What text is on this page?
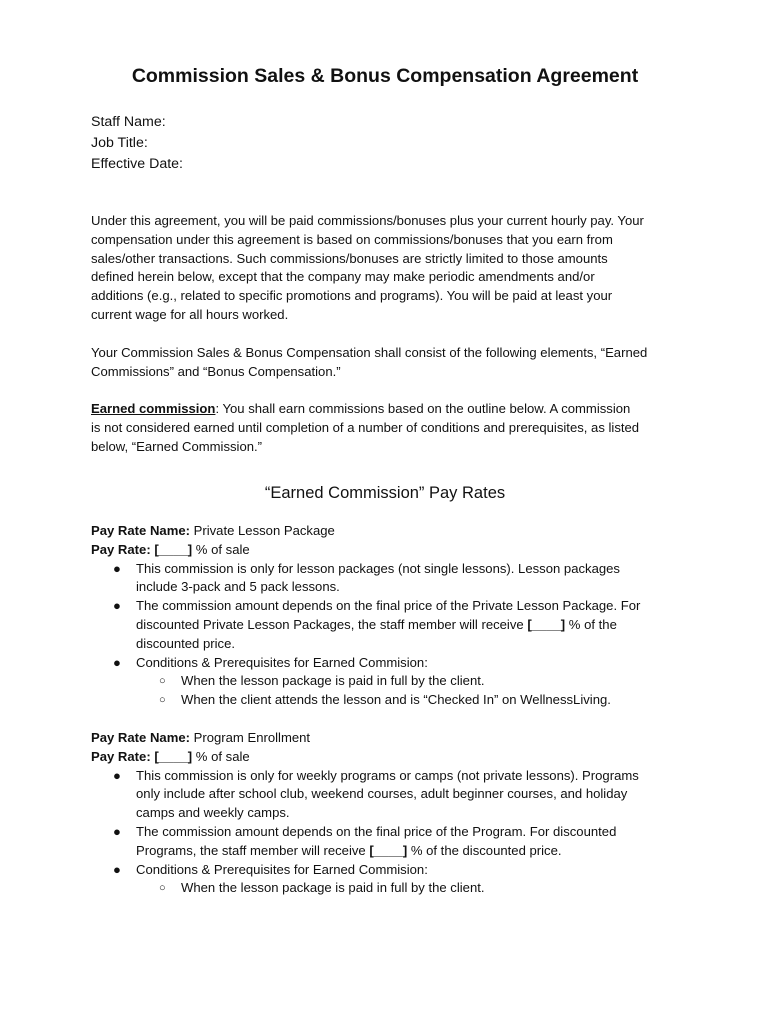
Commission Sales & Bonus Compensation Agreement
Staff Name:
Job Title:
Effective Date:
Under this agreement, you will be paid commissions/bonuses plus your current hourly pay. Your
compensation under this agreement is based on commissions/bonuses that you earn from
sales/other transactions. Such commissions/bonuses are strictly limited to those amounts
defined herein below, except that the company may make periodic amendments and/or
additions (e.g., related to specific promotions and programs). You will be paid at least your
current wage for all hours worked.
Your Commission Sales & Bonus Compensation shall consist of the following elements, “Earned
Commissions” and “Bonus Compensation.”
Earned commission: You shall earn commissions based on the outline below. A commission
is not considered earned until completion of a number of conditions and prerequisites, as listed
below, “Earned Commission.”
“Earned Commission” Pay Rates
Pay Rate Name: Private Lesson Package
Pay Rate: [____] % of sale
● This commission is only for lesson packages (not single lessons). Lesson packages
include 3-pack and 5 pack lessons.
● The commission amount depends on the final price of the Private Lesson Package. For
discounted Private Lesson Packages, the staff member will receive [____] % of the
discounted price.
● Conditions & Prerequisites for Earned Commision:
○ When the lesson package is paid in full by the client.
○ When the client attends the lesson and is “Checked In” on WellnessLiving.
Pay Rate Name: Program Enrollment
Pay Rate: [____] % of sale
● This commission is only for weekly programs or camps (not private lessons). Programs
only include after school club, weekend courses, adult beginner courses, and holiday
camps and weekly camps.
● The commission amount depends on the final price of the Program. For discounted
Programs, the staff member will receive [____] % of the discounted price.
● Conditions & Prerequisites for Earned Commision:
○ When the lesson package is paid in full by the client.
